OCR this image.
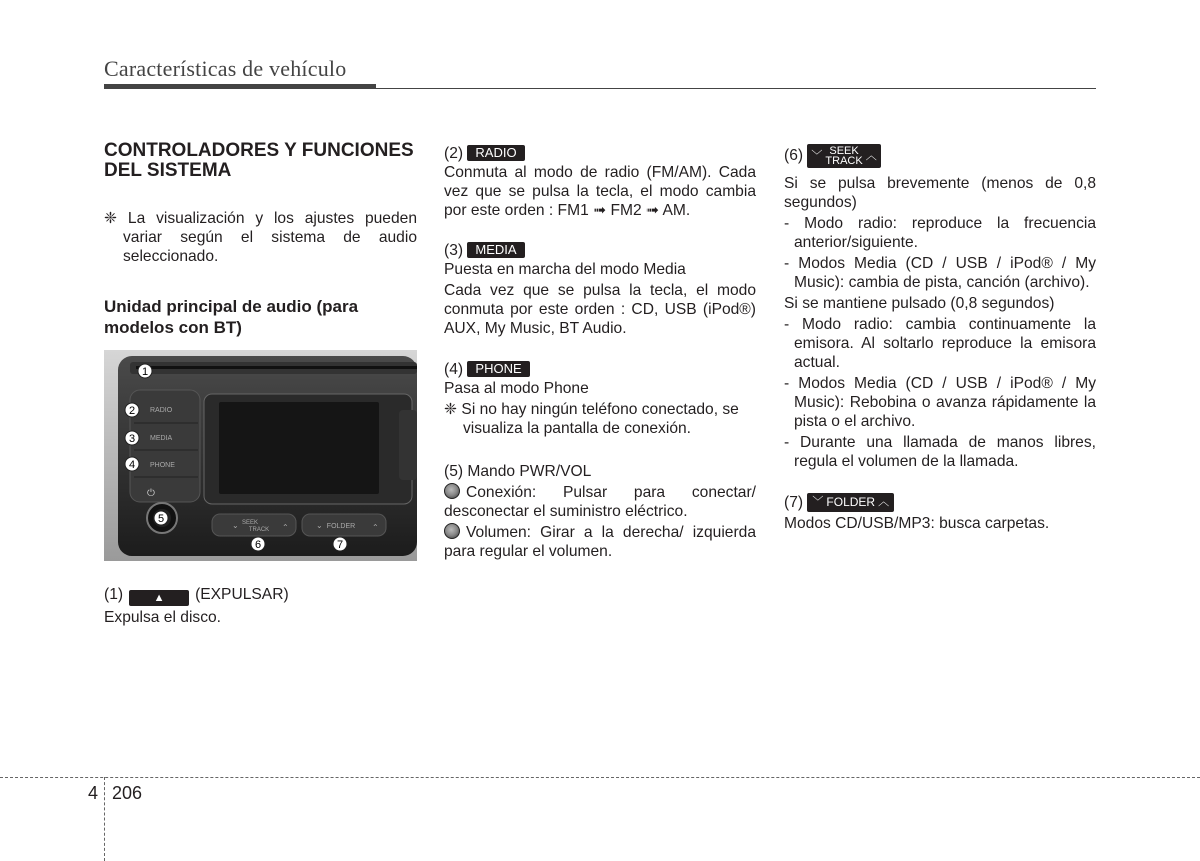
Características de vehículo

CONTROLADORES Y FUNCIONES DEL SISTEMA

❈ La visualización y los ajustes pueden variar según el sistema de audio seleccionado.

Unidad principal de audio (para modelos con BT)

RADIO
MEDIA
PHONE
⏻
SEEK
TRACK	FOLDER
⌄	⌃	⌄	⌃
1
2
3
4
5
6	7

(1)	▲ (EXPULSAR)

Expulsa el disco.

(2) RADIO

Conmuta al modo de radio (FM/AM). Cada vez que se pulsa la tecla, el modo cambia por este orden : FM1 ➟ FM2 ➟ AM.

(3) MEDIA

Puesta en marcha del modo Media

Cada vez que se pulsa la tecla, el modo conmuta por este orden : CD, USB (iPod®) AUX, My Music, BT Audio.

(4) PHONE

Pasa al modo Phone

❈ Si no hay ningún teléfono conectado, se visualiza la pantalla de conexión.

(5) Mando PWR/VOL

Conexión: Pulsar para conectar/ desconectar el suministro eléctrico.

Volumen: Girar a la derecha/ izquierda para regular el volumen.

(6) ﹀ SEEK
TRACK ︿

Si se pulsa brevemente (menos de 0,8 segundos)

- Modo radio: reproduce la frecuencia anterior/siguiente.

- Modos Media (CD / USB / iPod® / My Music): cambia de pista, canción (archivo).

Si se mantiene pulsado (0,8 segundos)

- Modo radio: cambia continuamente la emisora. Al soltarlo reproduce la emisora actual.

- Modos Media (CD / USB / iPod® / My Music): Rebobina o avanza rápidamente la pista o el archivo.

- Durante una llamada de manos libres, regula el volumen de la llamada.

(7) ﹀ FOLDER ︿

Modos CD/USB/MP3: busca carpetas.

4 206
